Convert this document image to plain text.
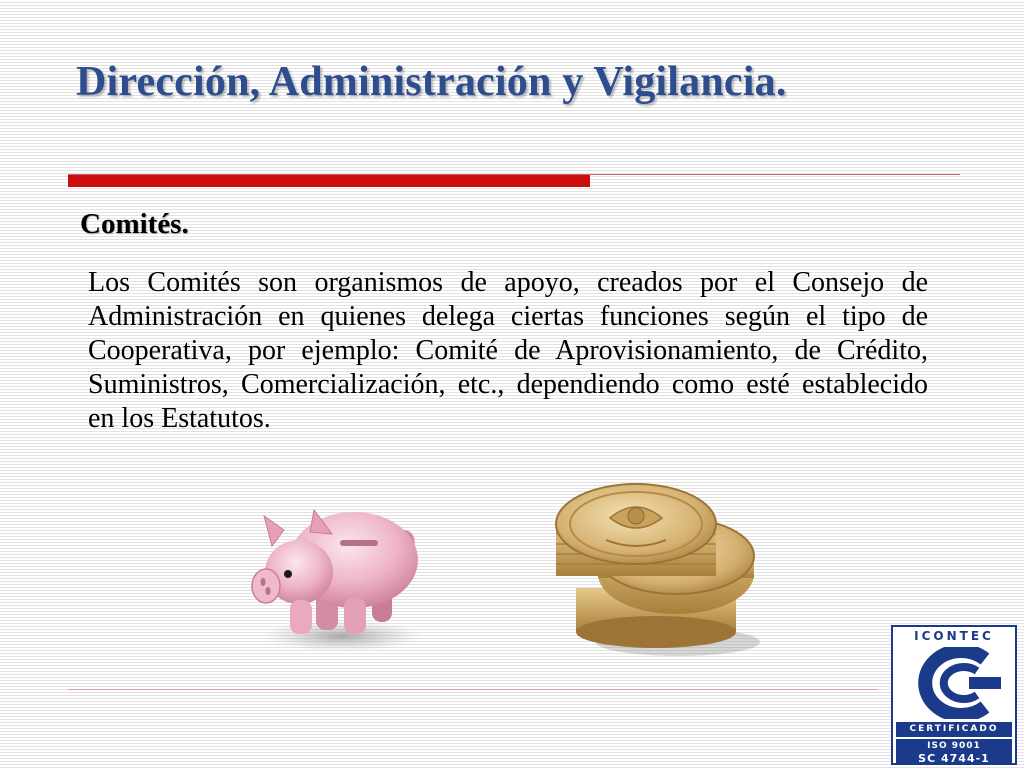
Dirección, Administración y Vigilancia.
Comités.
Los Comités son organismos de apoyo, creados por el Consejo de Administración en quienes delega ciertas funciones según el tipo de Cooperativa, por ejemplo: Comité de Aprovisionamiento, de Crédito, Suministros, Comercialización, etc., dependiendo como esté establecido en los Estatutos.
ICONTEC
CERTIFICADO
ISO 9001
SC 4744-1
